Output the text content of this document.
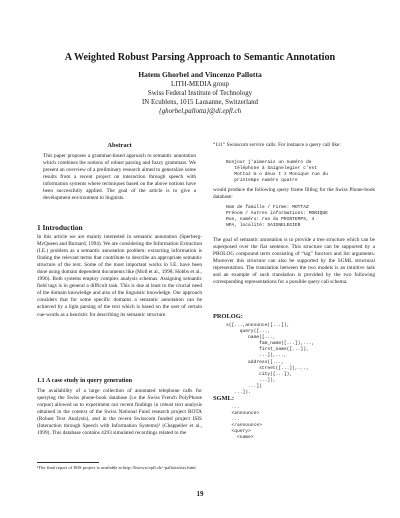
A Weighted Robust Parsing Approach to Semantic Annotation
Hatem Ghorbel and Vincenzo Pallotta
LITH-MEDIA group
Swiss Federal Institute of Technology
IN Ecublens, 1015 Lausanne, Switzerland
{ghorbel,pallotta}@di.epfl.ch
Abstract

This paper proposes a grammar-based approach to semantic annotation which combines the notions of robust parsing and fuzzy grammars. We present an overview of a preliminary research aimed to generalize some results from a recent project on interaction through speech with information systems where techniques based on the above notions have been successfully applied. The goal of the article is to give a development environment to linguists.

1 Introduction

In this article we are mainly interested in semantic annotation (Sperberg-McQueen and Burnard, 1994). We are considering the Information Extraction (I.E.) problem as a semantic annotation problem: extracting information is finding the relevant terms that contribute to describe an appropriate semantic structure of the text. Some of the most important works in I.E. have been done using domain dependent documents like (Moll et al., 1998; Hobbs et al., 1996). Both systems employ complex analysis schemas. Assigning semantic field tags is in general a difficult task. This is due at least to the crucial need of the domain knowledge and also of the linguistic knowledge. Our approach considers that for some specific domains a semantic annotation can be achieved by a light parsing of the text which is based on the user of certain cue-words as a heuristic for describing its semantic structure.

1.1 A case study in query generation

The availability of a large collection of annotated telephone calls for querying the Swiss phone-book database (i.e the Swiss French PolyPhone corpus) allowed us to experiment our recent findings in robust text analysis obtained in the context of the Swiss National Fund research project ROTA (Robust Text Analysis), and in the recent Swisscom funded project ISIS (Interaction through Speech with Information Systems)¹ (Chappelier et al., 1999). This database contains 4293 simulated recordings related to the

¹The final report of ISIS project is available at http://litwww.epfl.ch/~pallotta/isis.html

“111” Swisscom service calls. For instance a query call like:

Bonjour j'aimerais un numéro de
téléphone à Saignelegier c'est
Mottaz m o deux t z Monique rue du
printemps numéro quatre

would produce the following query frame filling for the Swiss Phone-book database:

Nom de famille / Firme: MOTTAZ
Prénom / Autres informations: MONIQUE
Rue, numéro: rue du PRINTEMPS, 4
NPA, localité: SAIGNELEGIER

The goal of semantic annotation is to provide a tree structure which can be superposed over the flat sentence. This structure can be supported by a PROLOG compound term consisting of “tag” functors and list arguments. Moreover this structure can also be supported by the SGML structural representation. The translation between the two models is an intuitive task and an example of such translation is provided by the two following corresponding representations for a possible query call schema.

PROLOG:
s([...,announce([...]),
query([...,
name([...,
fam_name([...]),...,
first_name([...]),
...]),...,
address([...,
street([...]),...,
city([...]),
...]),
...])
...]).
SGML:
...
<announce>
...
</announce>
<query>
<name>
19
